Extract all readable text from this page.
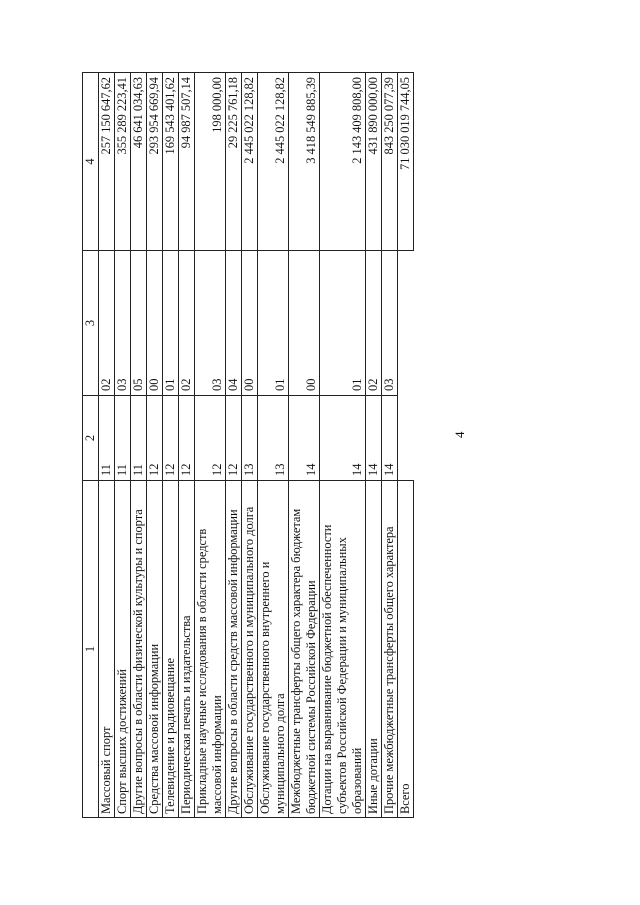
4
1	2	3	4
Массовый спорт	11	02	257 150 647,62
Спорт высших достижений	11	03	355 289 223,41
Другие вопросы в области физической культуры и спорта	11	05	46 641 034,63
Средства массовой информации	12	00	293 954 669,94
Телевидение и радиовещание	12	01	169 543 401,62
Периодическая печать и издательства	12	02	94 987 507,14
Прикладные научные исследования в области средств массовой информации	12	03	198 000,00
Другие вопросы в области средств массовой информации	12	04	29 225 761,18
Обслуживание государственного и муниципального долга	13	00	2 445 022 128,82
Обслуживание государственного внутреннего и муниципального долга	13	01	2 445 022 128,82
Межбюджетные трансферты общего характера бюджетам бюджетной системы Российской Федерации	14	00	3 418 549 885,39
Дотации на выравнивание бюджетной обеспеченности субъектов Российской Федерации и муниципальных образований	14	01	2 143 409 808,00
Иные дотации	14	02	431 890 000,00
Прочие межбюджетные трансферты общего характера	14	03	843 250 077,39
Всего			71 030 019 744,05
